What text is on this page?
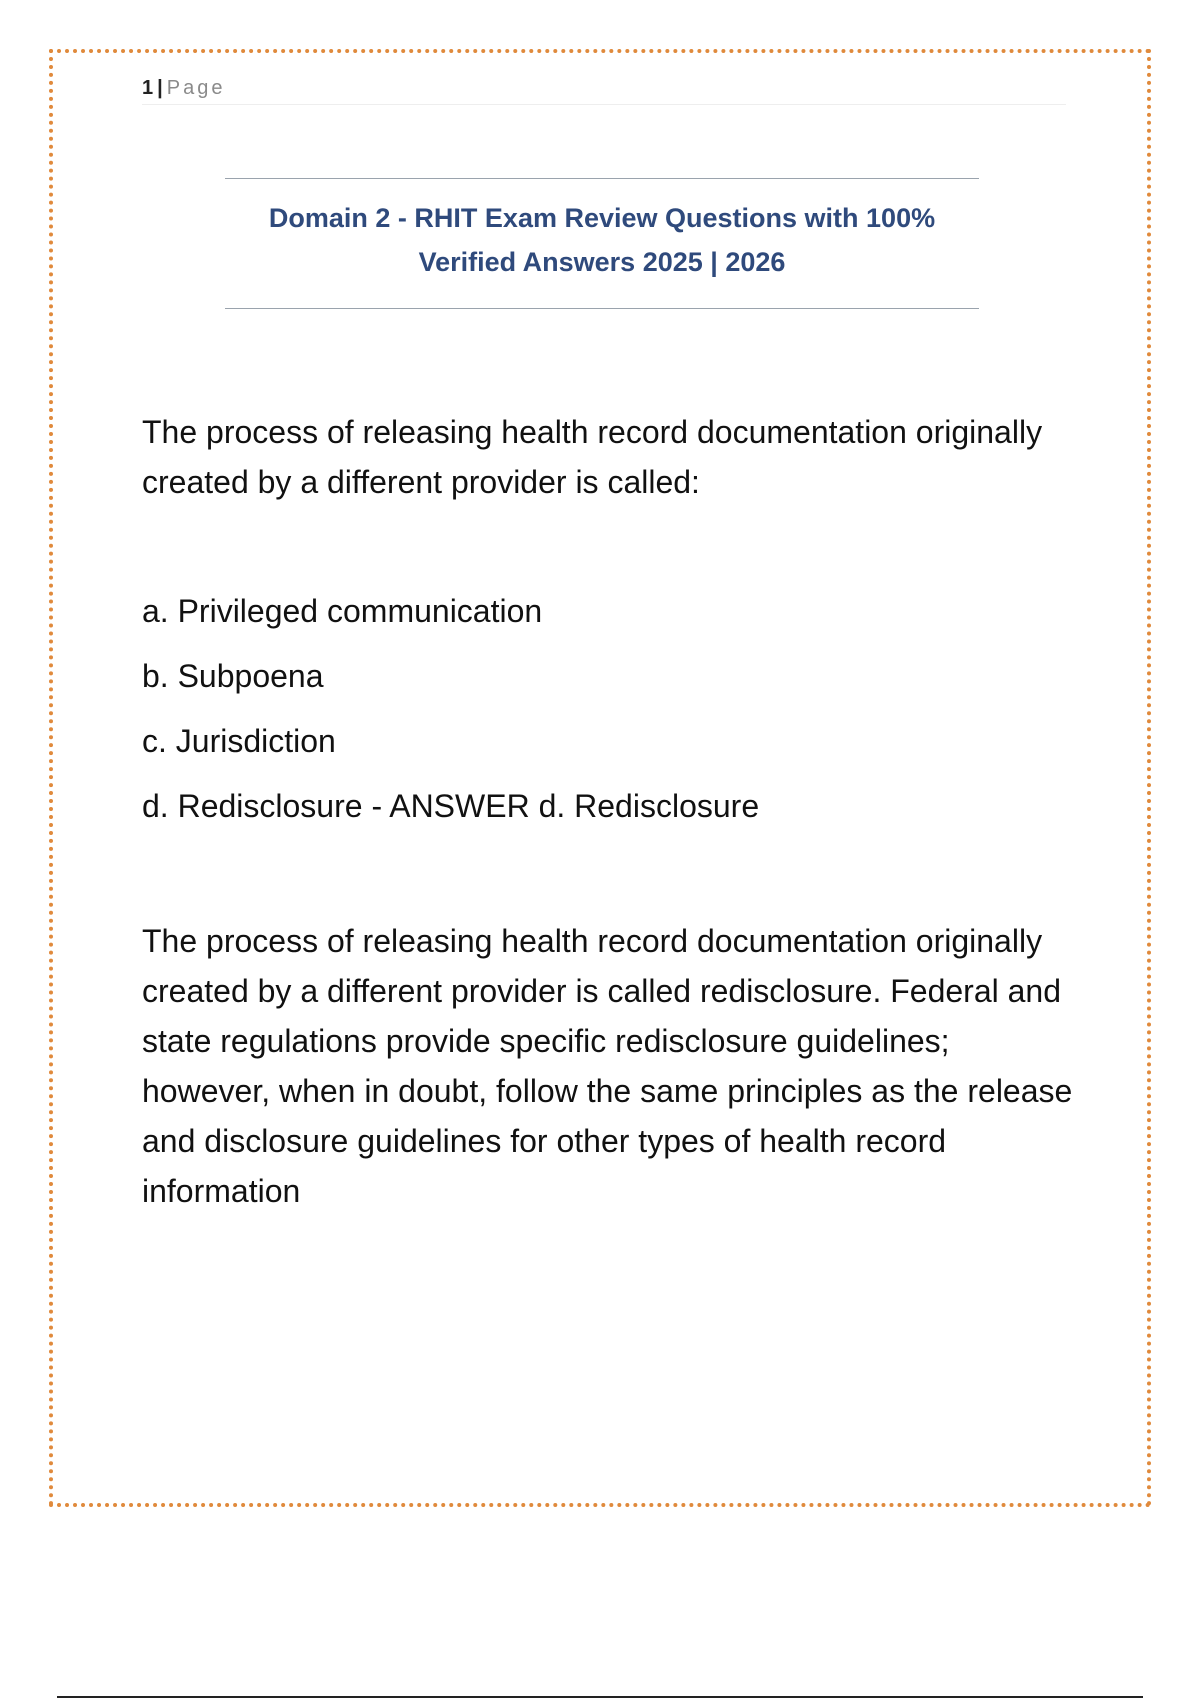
1 | Page
Domain 2 - RHIT Exam Review Questions with 100%
Verified Answers 2025 | 2026
The process of releasing health record documentation originally created by a different provider is called:
a. Privileged communication
b. Subpoena
c. Jurisdiction
d. Redisclosure - ANSWER d. Redisclosure
The process of releasing health record documentation originally created by a different provider is called redisclosure. Federal and state regulations provide specific redisclosure guidelines; however, when in doubt, follow the same principles as the release and disclosure guidelines for other types of health record information
